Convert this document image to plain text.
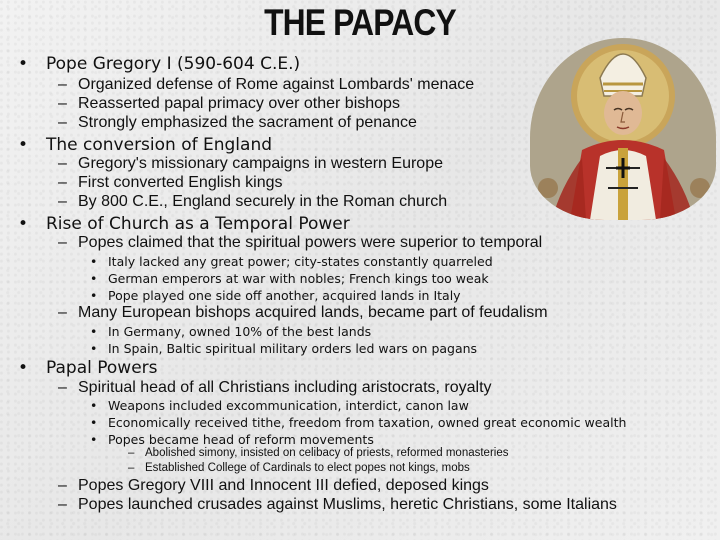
THE PAPACY
• Pope Gregory I (590-604 C.E.)
– Organized defense of Rome against Lombards' menace
– Reasserted papal primacy over other bishops
– Strongly emphasized the sacrament of penance
• The conversion of England
– Gregory's missionary campaigns in western Europe
– First converted English kings
– By 800 C.E., England securely in the Roman church
• Rise of Church as a Temporal Power
– Popes claimed that the spiritual powers were superior to temporal
• Italy lacked any great power; city-states constantly quarreled
• German emperors at war with nobles; French kings too weak
• Pope played one side off another, acquired lands in Italy
– Many European bishops acquired lands, became part of feudalism
• In Germany, owned 10% of the best lands
• In Spain, Baltic spiritual military orders led wars on pagans
• Papal Powers
– Spiritual head of all Christians including aristocrats, royalty
• Weapons included excommunication, interdict, canon law
• Economically received tithe, freedom from taxation, owned great economic wealth
• Popes became head of reform movements
– Abolished simony, insisted on celibacy of priests, reformed monasteries
– Established College of Cardinals to elect popes not kings, mobs
– Popes Gregory VIII and Innocent III defied, deposed kings
– Popes launched crusades against Muslims, heretic Christians, some Italians
